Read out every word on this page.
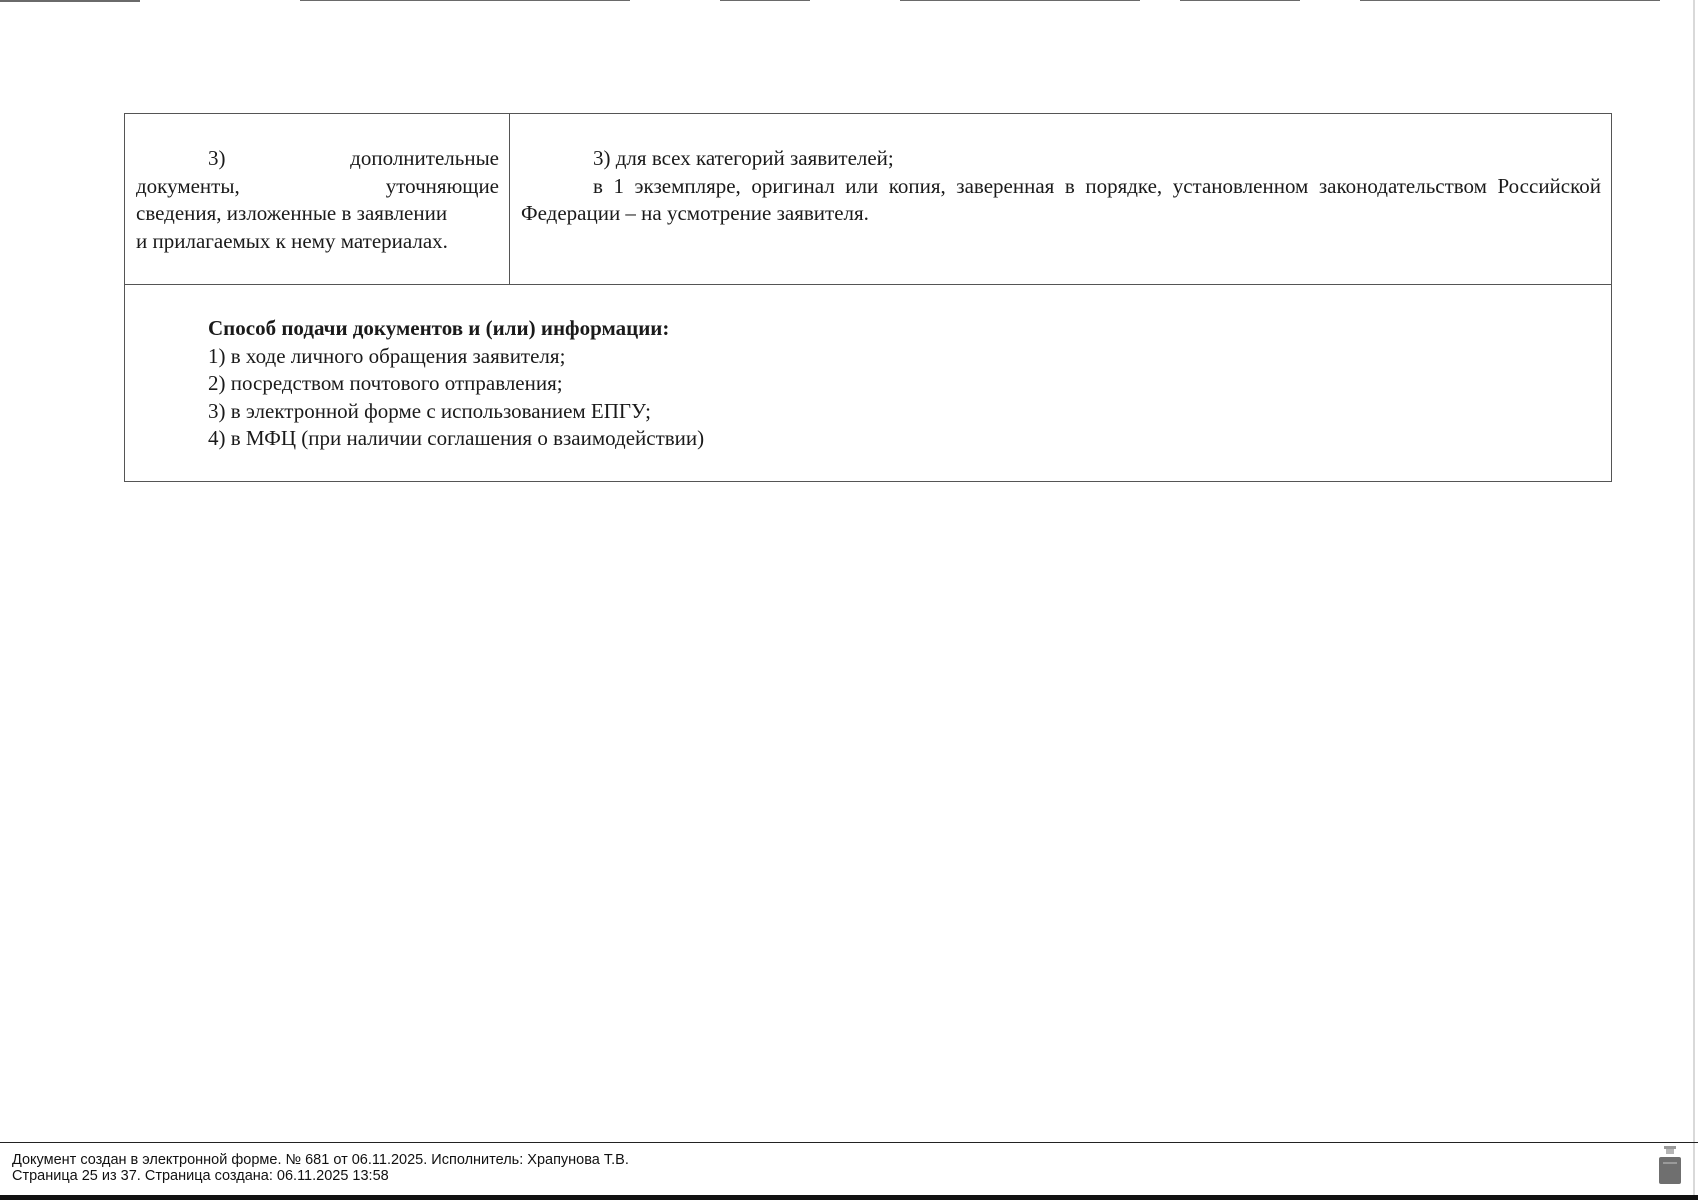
3)	дополнительные
документы,	уточняющие
сведения, изложенные в заявлении
и прилагаемых к нему материалах.

3) для всех категорий заявителей;

в 1 экземпляре, оригинал или копия, заверенная в порядке, установленном законодательством Российской Федерации – на усмотрение заявителя.

Способ подачи документов и (или) информации:

1) в ходе личного обращения заявителя;

2) посредством почтового отправления;

3) в электронной форме с использованием ЕПГУ;

4) в МФЦ (при наличии соглашения о взаимодействии)

Документ создан в электронной форме. № 681 от 06.11.2025. Исполнитель: Храпунова Т.В.
Страница 25 из 37. Страница создана: 06.11.2025 13:58
